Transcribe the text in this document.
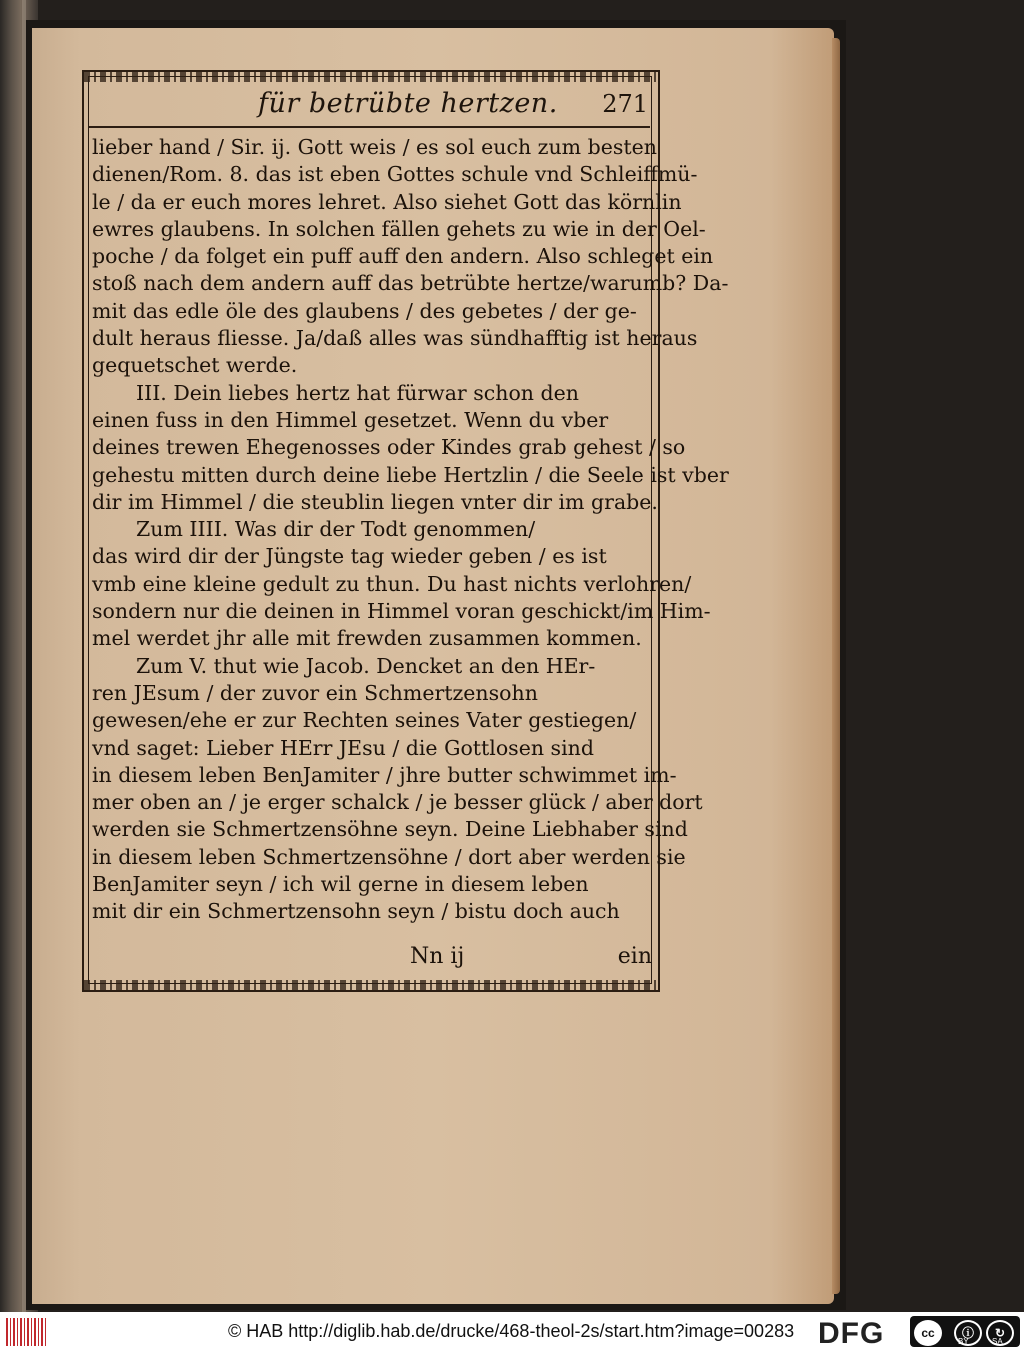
für betrübte hertzen. 271
lieber hand / Sir. ij. Gott weis / es sol euch zum besten
dienen/Rom. 8. das ist eben Gottes schule vnd Schleiffmü-
le / da er euch mores lehret. Also siehet Gott das körnlin
ewres glaubens. In solchen fällen gehets zu wie in der Oel-
poche / da folget ein puff auff den andern. Also schleget ein
stoß nach dem andern auff das betrübte hertze/warumb? Da-
mit das edle öle des glaubens / des gebetes / der ge-
dult heraus fliesse. Ja/daß alles was sündhafftig ist heraus
gequetschet werde.
III. Dein liebes hertz hat fürwar schon den
einen fuss in den Himmel gesetzet. Wenn du vber
deines trewen Ehegenosses oder Kindes grab gehest / so
gehestu mitten durch deine liebe Hertzlin / die Seele ist vber
dir im Himmel / die steublin liegen vnter dir im grabe.
Zum IIII. Was dir der Todt genommen/
das wird dir der Jüngste tag wieder geben / es ist
vmb eine kleine gedult zu thun. Du hast nichts verlohren/
sondern nur die deinen in Himmel voran geschickt/im Him-
mel werdet jhr alle mit frewden zusammen kommen.
Zum V. thut wie Jacob. Dencket an den HEr-
ren JEsum / der zuvor ein Schmertzensohn
gewesen/ehe er zur Rechten seines Vater gestiegen/
vnd saget: Lieber HErr JEsu / die Gottlosen sind
in diesem leben BenJamiter / jhre butter schwimmet im-
mer oben an / je erger schalck / je besser glück / aber dort
werden sie Schmertzensöhne seyn. Deine Liebhaber sind
in diesem leben Schmertzensöhne / dort aber werden sie
BenJamiter seyn / ich wil gerne in diesem leben
mit dir ein Schmertzensohn seyn / bistu doch auch
Nn ij	ein
© HAB http://diglib.hab.de/drucke/468-theol-2s/start.htm?image=00283 DFG	cc	ⓘ	↻
BY	SA
